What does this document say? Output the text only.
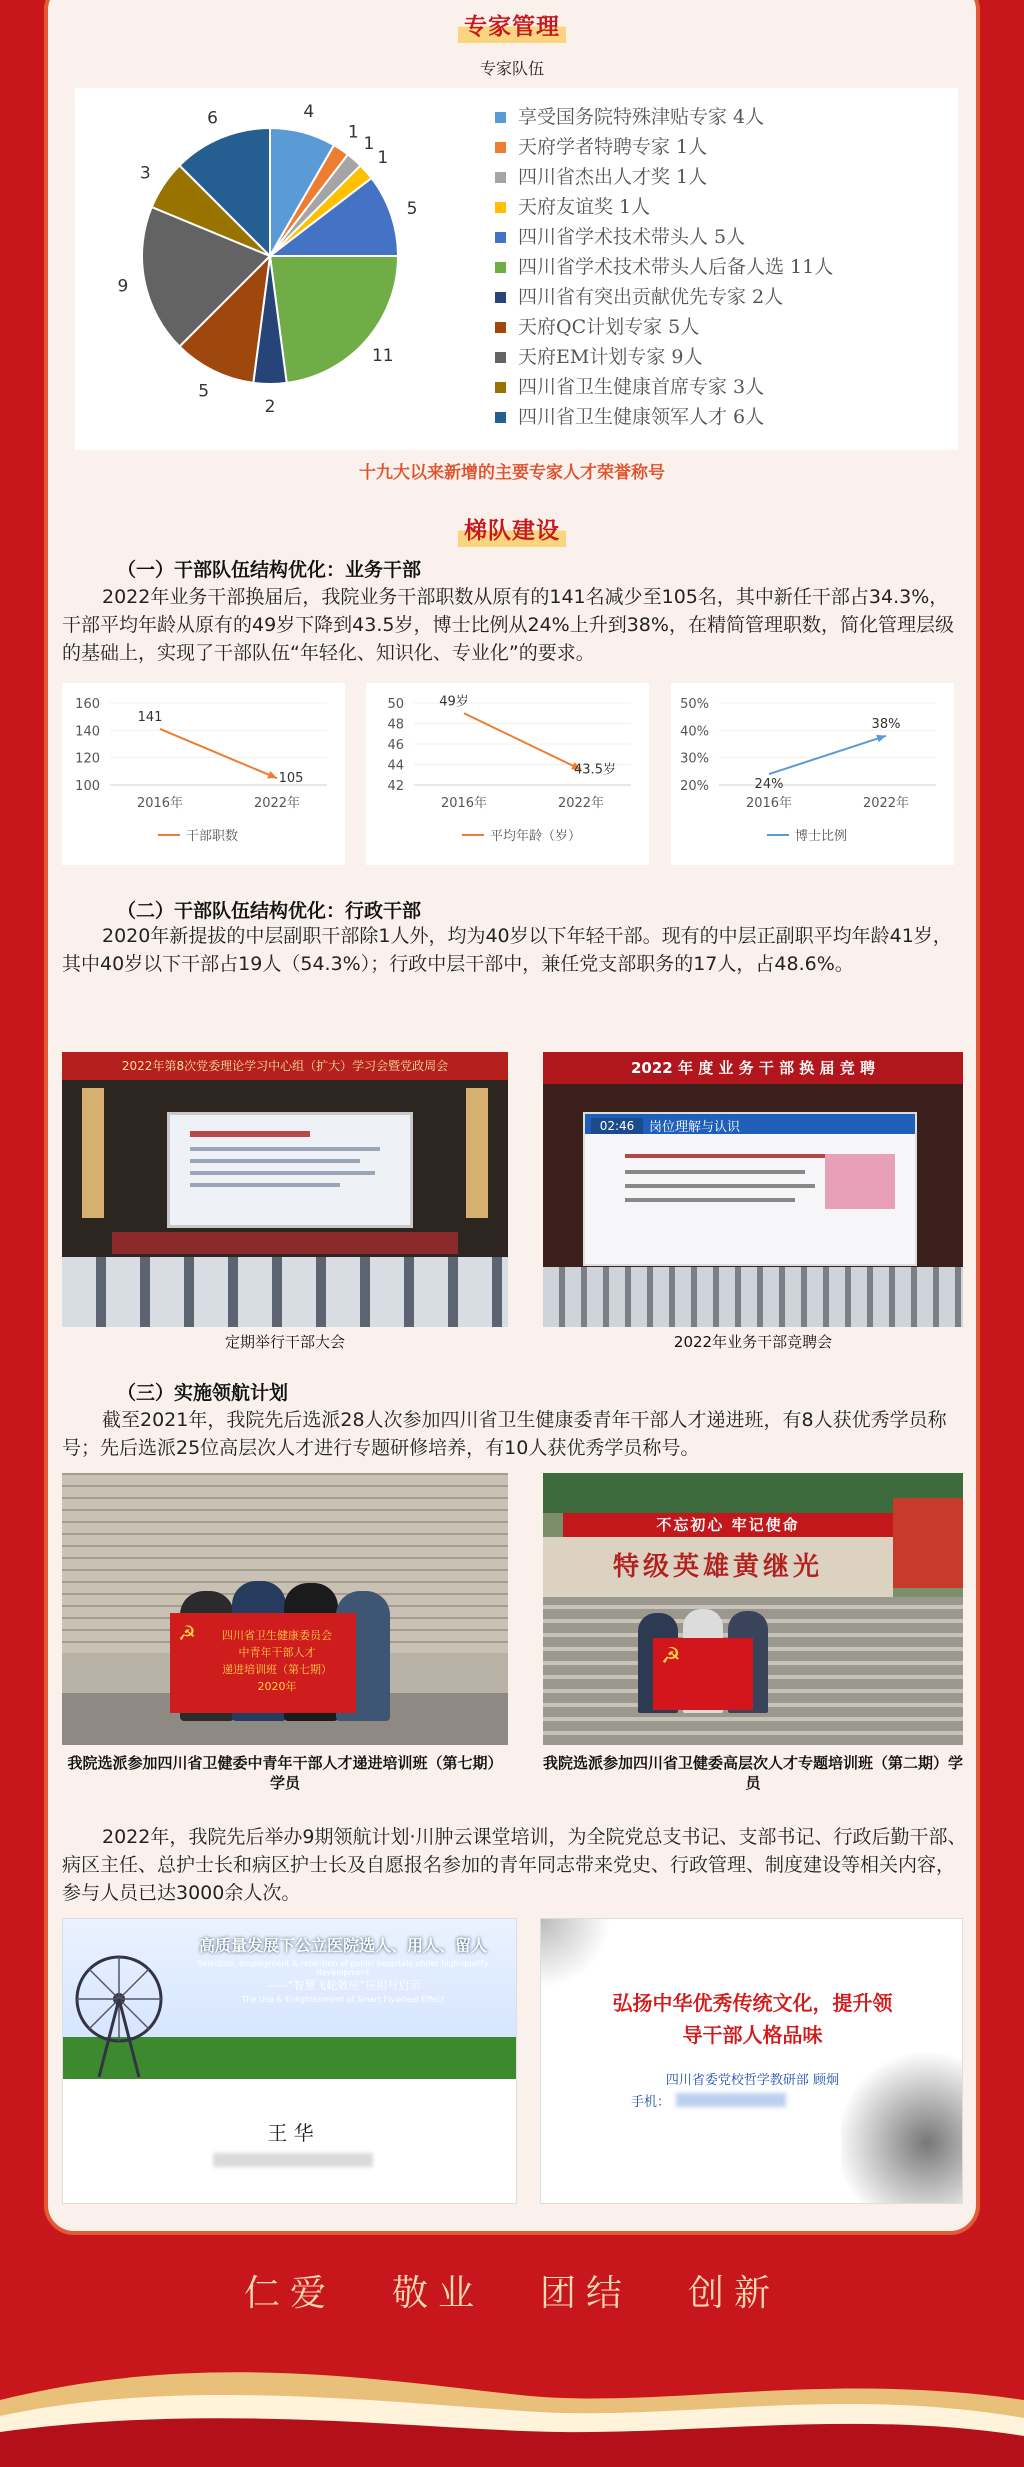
专家管理
专家队伍
4
1
1
1
5
11
2
5
9
3
6	享受国务院特殊津贴专家 4人
天府学者特聘专家 1人
四川省杰出人才奖 1人
天府友谊奖 1人
四川省学术技术带头人 5人
四川省学术技术带头人后备人选 11人
四川省有突出贡献优先专家 2人
天府QC计划专家 5人
天府EM计划专家 9人
四川省卫生健康首席专家 3人
四川省卫生健康领军人才 6人
十九大以来新增的主要专家人才荣誉称号
梯队建设
（一）干部队伍结构优化：业务干部

2022年业务干部换届后，我院业务干部职数从原有的141名减少至105名，其中新任干部占34.3%，干部平均年龄从原有的49岁下降到43.5岁，博士比例从24%上升到38%，在精简管理职数，简化管理层级的基础上，实现了干部队伍“年轻化、知识化、专业化”的要求。

160
140
120
100
141
105
2016年	2022年
干部职数
50
48
46
44
42
49岁
43.5岁
2016年	2022年
平均年龄（岁）
50%
40%
30%
20%	24%
38%
2016年	2022年
博士比例
（二）干部队伍结构优化：行政干部

2020年新提拔的中层副职干部除1人外，均为40岁以下年轻干部。现有的中层正副职平均年龄41岁，其中40岁以下干部占19人（54.3%）；行政中层干部中，兼任党支部职务的17人，占48.6%。

2022年第8次党委理论学习中心组（扩大）学习会暨党政周会
定期举行干部大会
2022 年 度 业 务 干 部 换 届 竞 聘
02:46	岗位理解与认识
2022年业务干部竞聘会
（三）实施领航计划

截至2021年，我院先后选派28人次参加四川省卫生健康委青年干部人才递进班，有8人获优秀学员称号；先后选派25位高层次人才进行专题研修培养，有10人获优秀学员称号。

☭	四川省卫生健康委员会
中青年干部人才
递进培训班（第七期）
2020年
我院选派参加四川省卫健委中青年干部人才递进培训班（第七期）学员
不忘初心 牢记使命
特级英雄黄继光
☭
我院选派参加四川省卫健委高层次人才专题培训班（第二期）学员

2022年，我院先后举办9期领航计划·川肿云课堂培训，为全院党总支书记、支部书记、行政后勤干部、病区主任、总护士长和病区护士长及自愿报名参加的青年同志带来党史、行政管理、制度建设等相关内容，参与人员已达3000余人次。

高质量发展下公立医院选人、用人、留人
Selection, employment & retention of public hospitals under high-quality development
——“智慧飞轮效应”应用与启示
The Use & Enlightenment of Smart Flywheel Effect
王 华
弘扬中华优秀传统文化，提升领
导干部人格品味
四川省委党校哲学教研部 顾炯
手机：
仁爱 敬业 团结 创新
